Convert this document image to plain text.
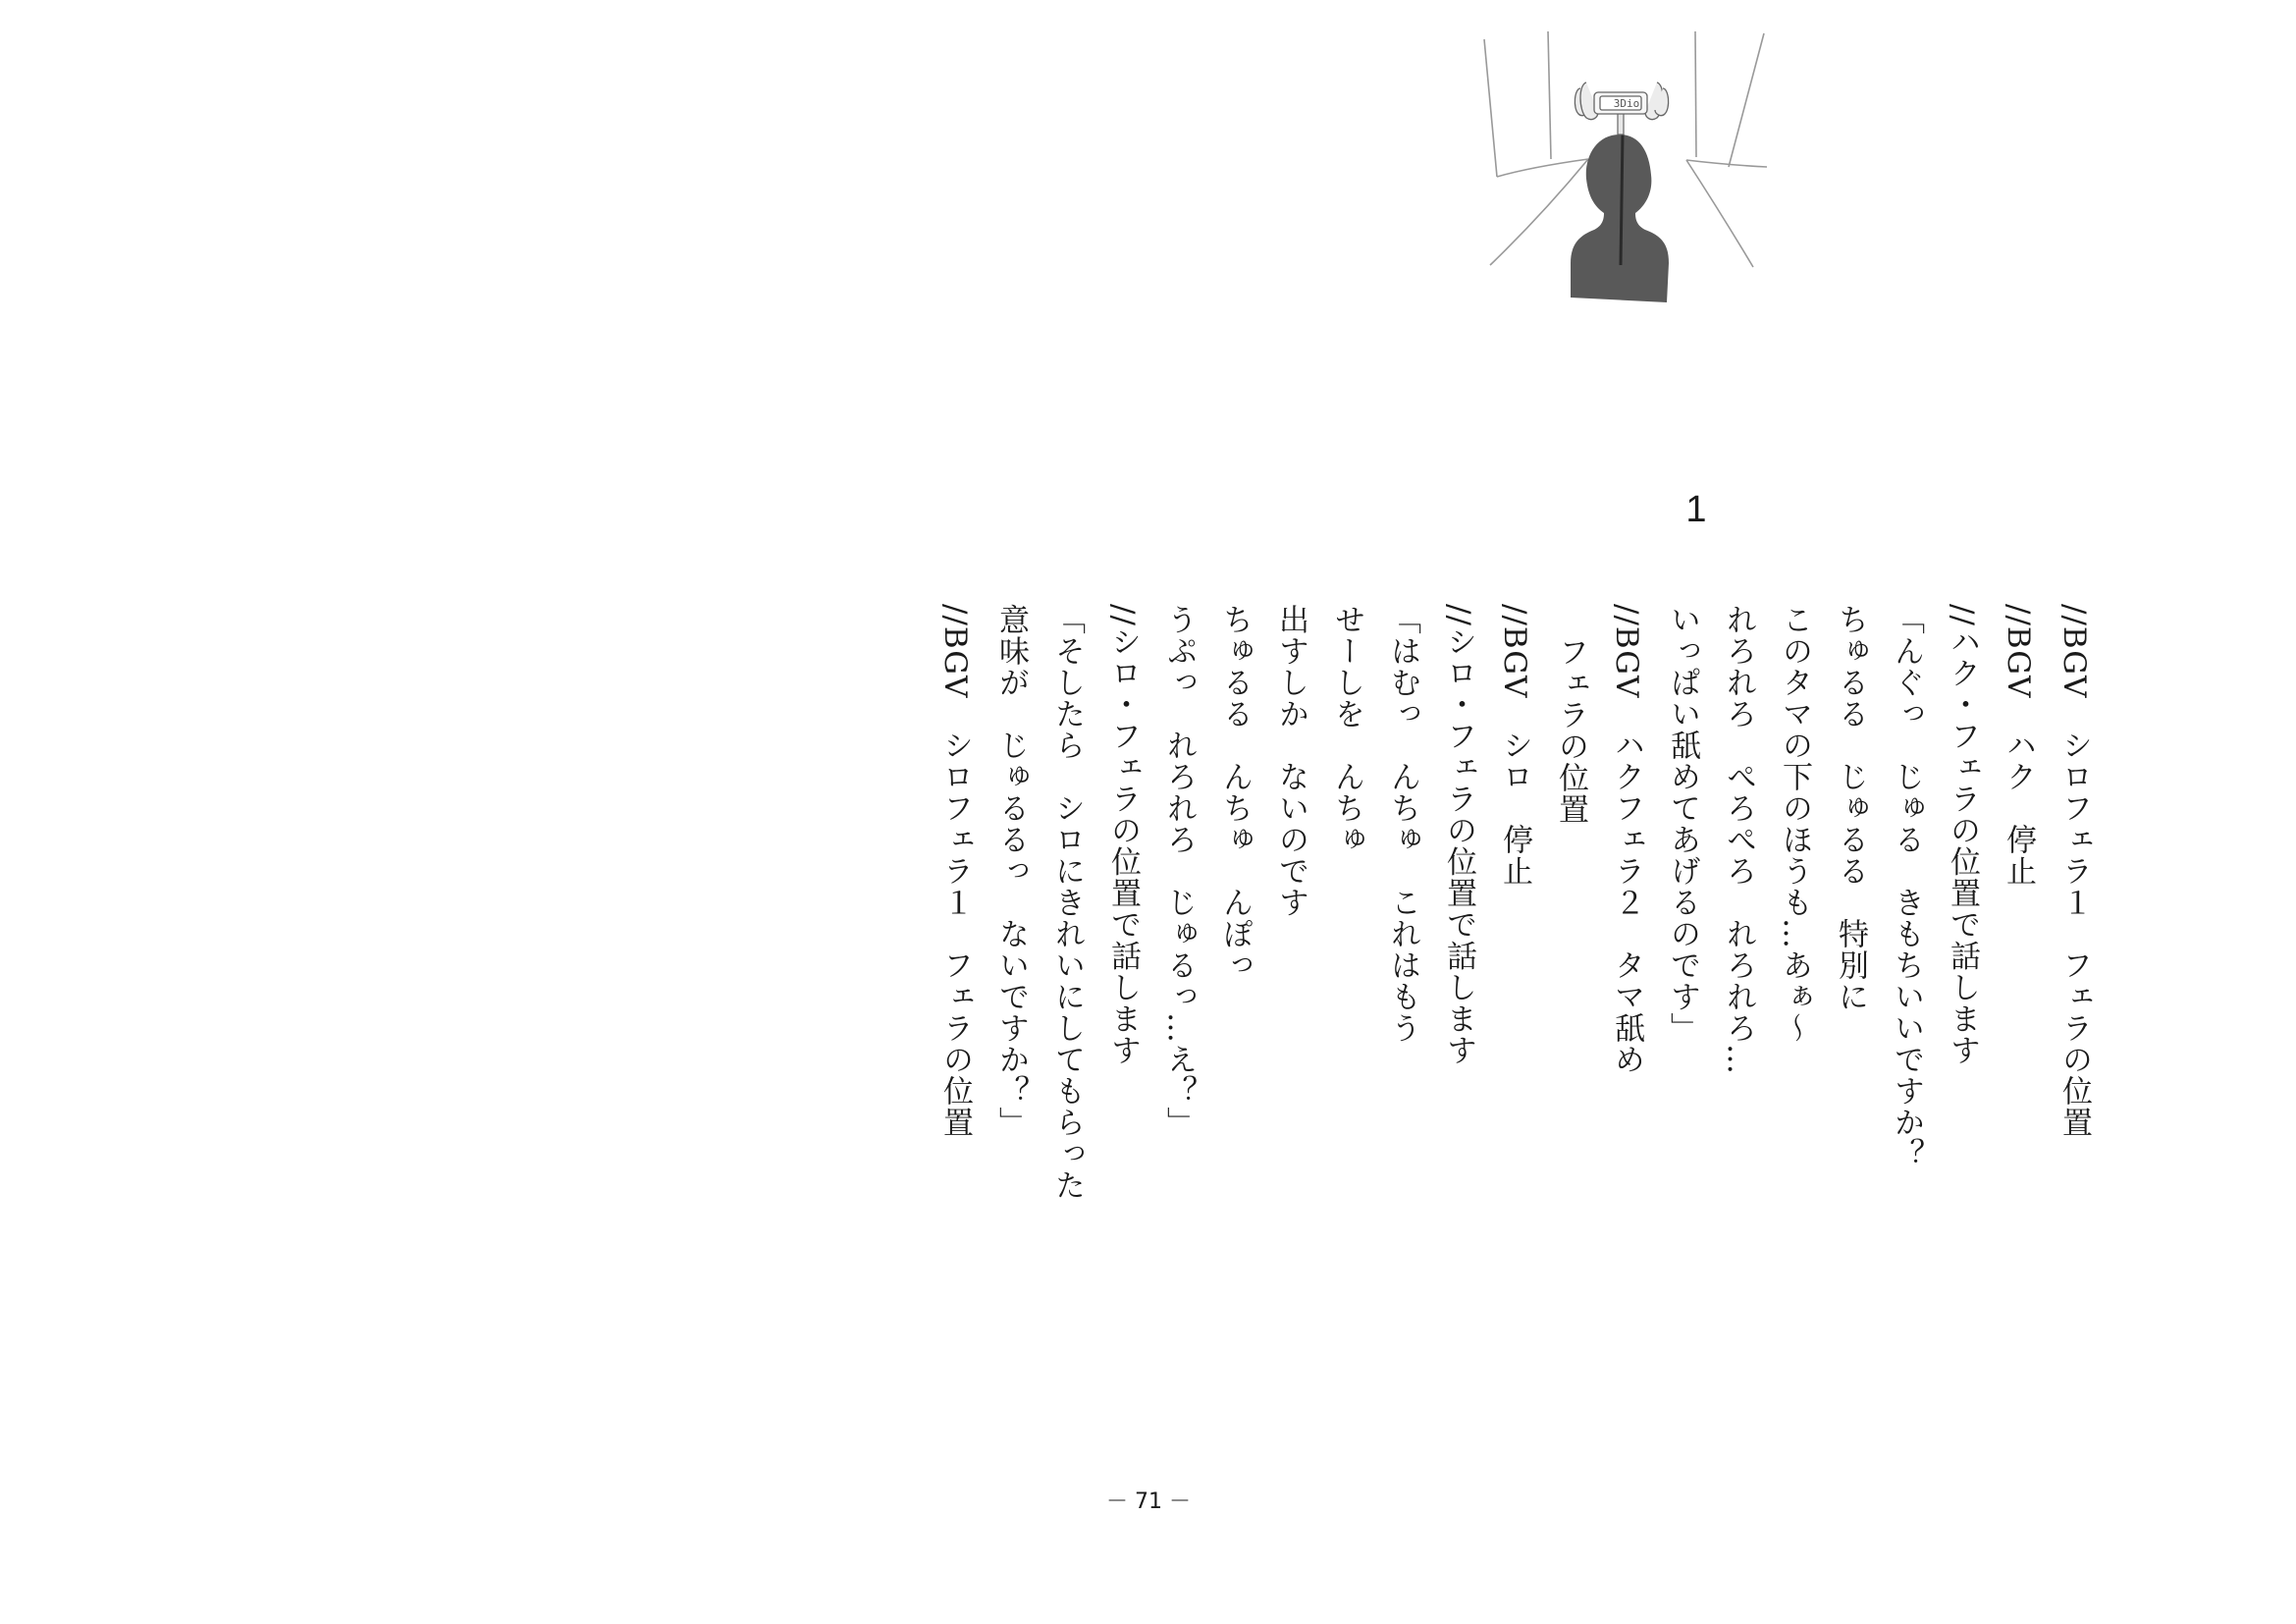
3Dio
1
//BGV　シロフェラ１　フェラの位置
//BGV　ハク　停止
//ハク・フェラの位置で話します
「んぐっ　じゅる　きもちいいですか？
ちゅるる　じゅるる　特別に
このタマの下のほうも…あぁ～
れろれろ　ぺろぺろ　れろれろ…
いっぱい舐めてあげるのです」
//BGV　ハクフェラ２　タマ舐め
フェラの位置
//BGV　シロ　停止
//シロ・フェラの位置で話します
「はむっ　んちゅ　これはもう
せーしを　んちゅ
出すしか　ないのです
ちゅるる　んちゅ　んぽっ
うぷっ　れろれろ　じゅるっ…え？」
//シロ・フェラの位置で話します
「そしたら　シロにきれいにしてもらった
意味が　じゅるるっ　ないですか？」
//BGV　シロフェラ１　フェラの位置
－ 71 －
